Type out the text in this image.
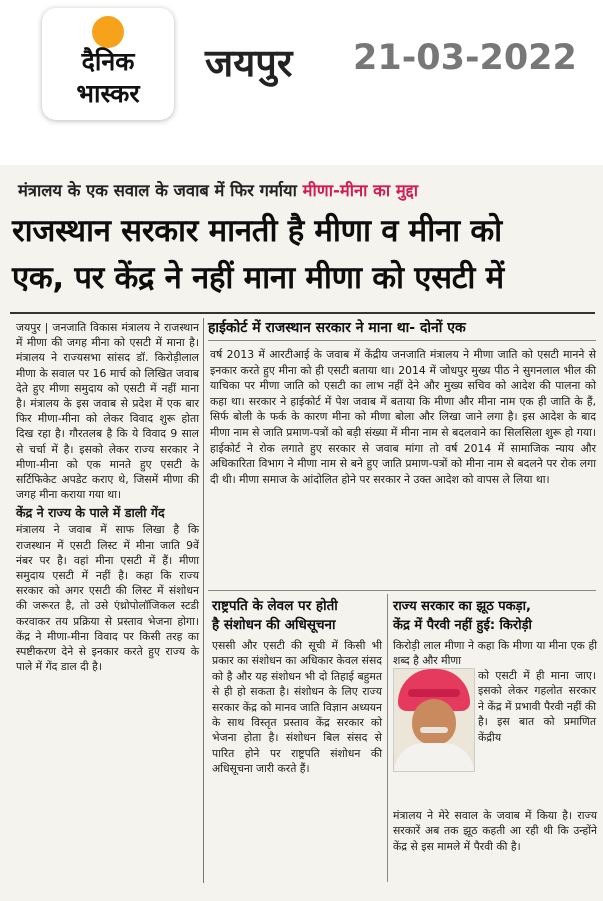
दैनिक
भास्कर
जयपुर 21-03-2022
मंत्रालय के एक सवाल के जवाब में फिर गर्माया मीणा-मीना का मुद्दा
राजस्थान सरकार मानती है मीणा व मीना को
एक, पर केंद्र ने नहीं माना मीणा को एसटी में

जयपुर | जनजाति विकास मंत्रालय ने राजस्थान में मीणा की जगह मीना को एसटी में माना है। मंत्रालय ने राज्यसभा सांसद डॉ. किरोड़ीलाल मीणा के सवाल पर 16 मार्च को लिखित जवाब देते हुए मीणा समुदाय को एसटी में नहीं माना है। मंत्रालय के इस जवाब से प्रदेश में एक बार फिर मीणा-मीना को लेकर विवाद शुरू होता दिख रहा है। गौरतलब है कि ये विवाद 9 साल से चर्चा में है। इसको लेकर राज्य सरकार ने मीणा-मीना को एक मानते हुए एसटी के सर्टिफिकेट अपडेट कराए थे, जिसमें मीणा की जगह मीना कराया गया था।

केंद्र ने राज्य के पाले में डाली गेंद

मंत्रालय ने जवाब में साफ लिखा है कि राजस्थान में एसटी लिस्ट में मीना जाति 9वें नंबर पर है। वहां मीना एसटी में हैं। मीणा समुदाय एसटी में नहीं है। कहा कि राज्य सरकार को अगर एसटी की लिस्ट में संशोधन की जरूरत है, तो उसे एंथ्रोपोलॉजिकल स्टडी करवाकर तय प्रक्रिया से प्रस्ताव भेजना होगा। केंद्र ने मीणा-मीना विवाद पर किसी तरह का स्पष्टीकरण देने से इनकार करते हुए राज्य के पाले में गेंद डाल दी है।

हाईकोर्ट में राजस्थान सरकार ने माना था- दोनों एक
वर्ष 2013 में आरटीआई के जवाब में केंद्रीय जनजाति मंत्रालय ने मीणा जाति को एसटी मानने से इनकार करते हुए मीना को ही एसटी बताया था। 2014 में जोधपुर मुख्य पीठ ने सुगनलाल भील की याचिका पर मीणा जाति को एसटी का लाभ नहीं देने और मुख्य सचिव को आदेश की पालना को कहा था। सरकार ने हाईकोर्ट में पेश जवाब में बताया कि मीणा और मीना नाम एक ही जाति के हैं, सिर्फ बोली के फर्क के कारण मीना को मीणा बोला और लिखा जाने लगा है। इस आदेश के बाद मीणा नाम से जाति प्रमाण-पत्रों को बड़ी संख्या में मीना नाम से बदलवाने का सिलसिला शुरू हो गया। हाईकोर्ट ने रोक लगाते हुए सरकार से जवाब मांगा तो वर्ष 2014 में सामाजिक न्याय और अधिकारिता विभाग ने मीणा नाम से बने हुए जाति प्रमाण-पत्रों को मीना नाम से बदलने पर रोक लगा दी थी। मीणा समाज के आंदोलित होने पर सरकार ने उक्त आदेश को वापस ले लिया था।
राष्ट्रपति के लेवल पर होती
है संशोधन की अधिसूचना
एससी और एसटी की सूची में किसी भी प्रकार का संशोधन का अधिकार केवल संसद को है और यह संशोधन भी दो तिहाई बहुमत से ही हो सकता है। संशोधन के लिए राज्य सरकार केंद्र को मानव जाति विज्ञान अध्ययन के साथ विस्तृत प्रस्ताव केंद्र सरकार को भेजना होता है। संशोधन बिल संसद से पारित होने पर राष्ट्रपति संशोधन की अधिसूचना जारी करते हैं।
राज्य सरकार का झूठ पकड़ा,
केंद्र में पैरवी नहीं हुई: किरोड़ी
किरोड़ी लाल मीणा ने कहा कि मीणा या मीना एक ही शब्द है और मीणा
को एसटी में ही माना जाए। इसको लेकर गहलोत सरकार ने केंद्र में प्रभावी पैरवी नहीं की है। इस बात को प्रमाणित केंद्रीय
मंत्रालय ने मेरे सवाल के जवाब में किया है। राज्य सरकारें अब तक झूठ कहती आ रही थी कि उन्होंने केंद्र से इस मामले में पैरवी की है।
